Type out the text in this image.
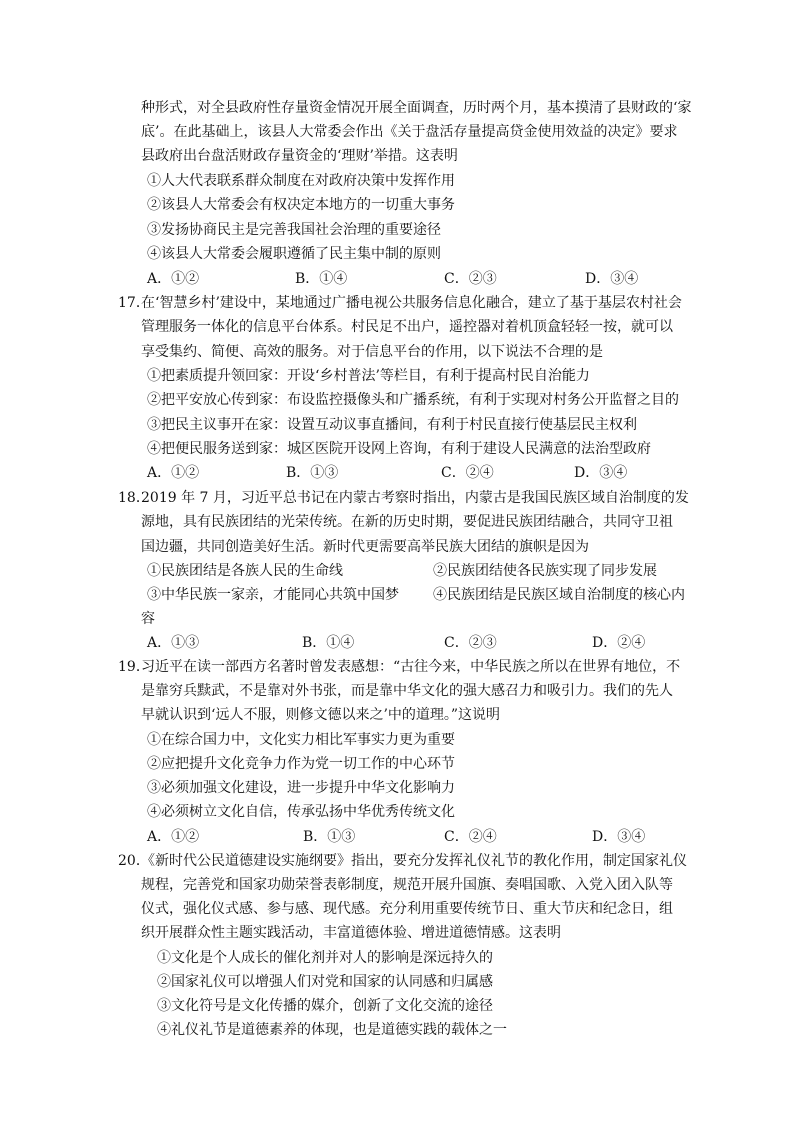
种形式，对全县政府性存量资金情况开展全面调查，历时两个月，基本摸清了县财政的‘家
底’。在此基础上，该县人大常委会作出《关于盘活存量提高贷金使用效益的决定》要求
县政府出台盘活财政存量资金的‘理财’举措。这表明
①人大代表联系群众制度在对政府决策中发挥作用
②该县人大常委会有权决定本地方的一切重大事务
③发扬协商民主是完善我国社会治理的重要途径
④该县人大常委会履职遵循了民主集中制的原则
A．①②	B．①④	C．②③	D．③④
17．
在‘智慧乡村’建设中，某地通过广播电视公共服务信息化融合，建立了基于基层农村社会
管理服务一体化的信息平台体系。村民足不出户，遥控器对着机顶盒轻轻一按，就可以
享受集约、简便、高效的服务。对于信息平台的作用，以下说法不合理的是
①把素质提升领回家：开设‘乡村普法’等栏目，有利于提高村民自治能力
②把平安放心传到家：布设监控摄像头和广播系统，有利于实现对村务公开监督之目的
③把民主议事开在家：设置互动议事直播间，有利于村民直接行使基层民主权利
④把便民服务送到家：城区医院开设网上咨询，有利于建设人民满意的法治型政府
A．①②	B．①③	C．②④	D．③④
18．
2019 年 7 月，习近平总书记在内蒙古考察时指出，内蒙古是我国民族区域自治制度的发
源地，具有民族团结的光荣传统。在新的历史时期，要促进民族团结融合，共同守卫祖
国边疆，共同创造美好生活。新时代更需要高举民族大团结的旗帜是因为
①民族团结是各族人民的生命线	②民族团结使各民族实现了同步发展
③中华民族一家亲，才能同心共筑中国梦 ④民族团结是民族区域自治制度的核心内
容
A．①③	B．①④	C．②③	D．②④
19．
习近平在读一部西方名著时曾发表感想：“古往今来，中华民族之所以在世界有地位，不
是靠穷兵黩武，不是靠对外书张，而是靠中华文化的强大感召力和吸引力。我们的先人
早就认识到‘远人不服，则修文德以来之’中的道理。”这说明
①在综合国力中，文化实力相比军事实力更为重要
②应把提升文化竞争力作为党一切工作的中心环节
③必须加强文化建设，进一步提升中华文化影响力
④必须树立文化自信，传承弘扬中华优秀传统文化
A．①②	B．①③	C．②④	D．③④
20．
《新时代公民道德建设实施纲要》指出，要充分发挥礼仪礼节的教化作用，制定国家礼仪
规程，完善党和国家功勋荣誉表彰制度，规范开展升国旗、奏唱国歌、入党入团入队等
仪式，强化仪式感、参与感、现代感。充分利用重要传统节日、重大节庆和纪念日，组
织开展群众性主题实践活动，丰富道德体验、增进道德情感。这表明
①文化是个人成长的催化剂并对人的影响是深远持久的
②国家礼仪可以增强人们对党和国家的认同感和归属感
③文化符号是文化传播的媒介，创新了文化交流的途径
④礼仪礼节是道德素养的体现，也是道德实践的载体之一
